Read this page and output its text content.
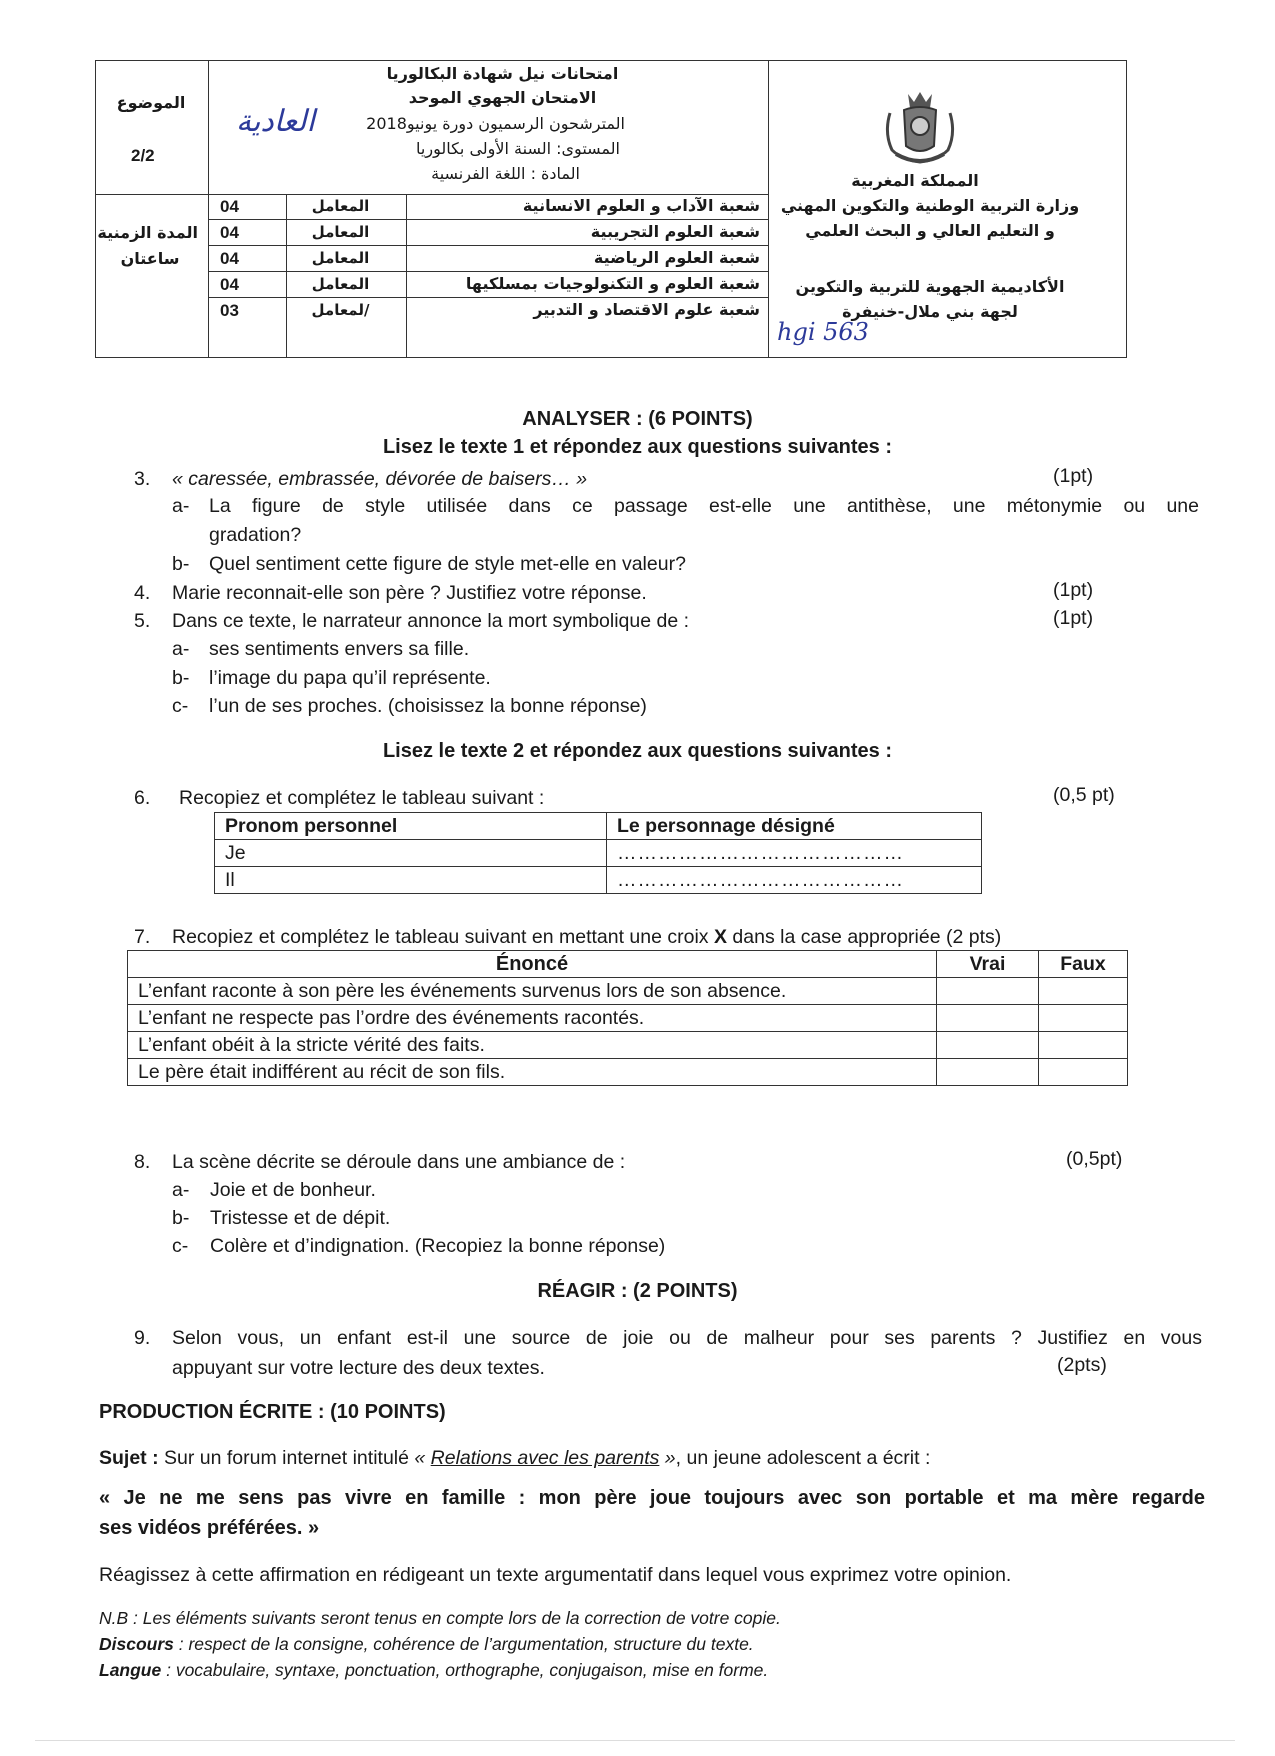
الموضوع
2/2
المدة الزمنية
ساعتان
امتحانات نيل شهادة البكالوريا
الامتحان الجهوي الموحد
المترشحون الرسميون دورة يونيو2018
العادية
المستوى: السنة الأولى بكالوريا
المادة : اللغة الفرنسية
04	المعامل	شعبة الآداب و العلوم الانسانية
04	المعامل	شعبة العلوم التجريبية
04	المعامل	شعبة العلوم الرياضية
04	المعامل	شعبة العلوم و التكنولوجيات بمسلكيها
03	/لمعامل	شعبة علوم الاقتصاد و التدبير
المملكة المغربية
وزارة التربية الوطنية والتكوين المهني
و التعليم العالي و البحث العلمي
الأكاديمية الجهوية للتربية والتكوين
لجهة بني ملال-خنيفرة
hgi 563
ANALYSER : (6 POINTS)
Lisez le texte 1 et répondez aux questions suivantes :
3. « caressée, embrassée, dévorée de baisers… »	(1pt)
a- La figure de style utilisée dans ce passage est-elle une antithèse, une métonymie ou une
gradation?
b- Quel sentiment cette figure de style met-elle en valeur?
4. Marie reconnait-elle son père ? Justifiez votre réponse.	(1pt)
5. Dans ce texte, le narrateur annonce la mort symbolique de :	(1pt)
a- ses sentiments envers sa fille.
b- l’image du papa qu’il représente.
c- l’un de ses proches. (choisissez la bonne réponse)
Lisez le texte 2 et répondez aux questions suivantes :
6. Recopiez et complétez le tableau suivant :	(0,5 pt)
Pronom personnel	Le personnage désigné
Je	……………………………………
Il	……………………………………
7. Recopiez et complétez le tableau suivant en mettant une croix X dans la case appropriée (2 pts)
Énoncé	Vrai	Faux
L’enfant raconte à son père les événements survenus lors de son absence.		
L’enfant ne respecte pas l’ordre des événements racontés.		
L’enfant obéit à la stricte vérité des faits.		
Le père était indifférent au récit de son fils.		
8. La scène décrite se déroule dans une ambiance de :	(0,5pt)
a- Joie et de bonheur.
b- Tristesse et de dépit.
c- Colère et d’indignation. (Recopiez la bonne réponse)
RÉAGIR : (2 POINTS)
9. Selon vous, un enfant est-il une source de joie ou de malheur pour ses parents ? Justifiez en vous
appuyant sur votre lecture des deux textes.	(2pts)
PRODUCTION ÉCRITE : (10 POINTS)
Sujet : Sur un forum internet intitulé « Relations avec les parents », un jeune adolescent a écrit :
« Je ne me sens pas vivre en famille : mon père joue toujours avec son portable et ma mère regarde
ses vidéos préférées. »
Réagissez à cette affirmation en rédigeant un texte argumentatif dans lequel vous exprimez votre opinion.
N.B : Les éléments suivants seront tenus en compte lors de la correction de votre copie.
Discours : respect de la consigne, cohérence de l’argumentation, structure du texte.
Langue : vocabulaire, syntaxe, ponctuation, orthographe, conjugaison, mise en forme.
